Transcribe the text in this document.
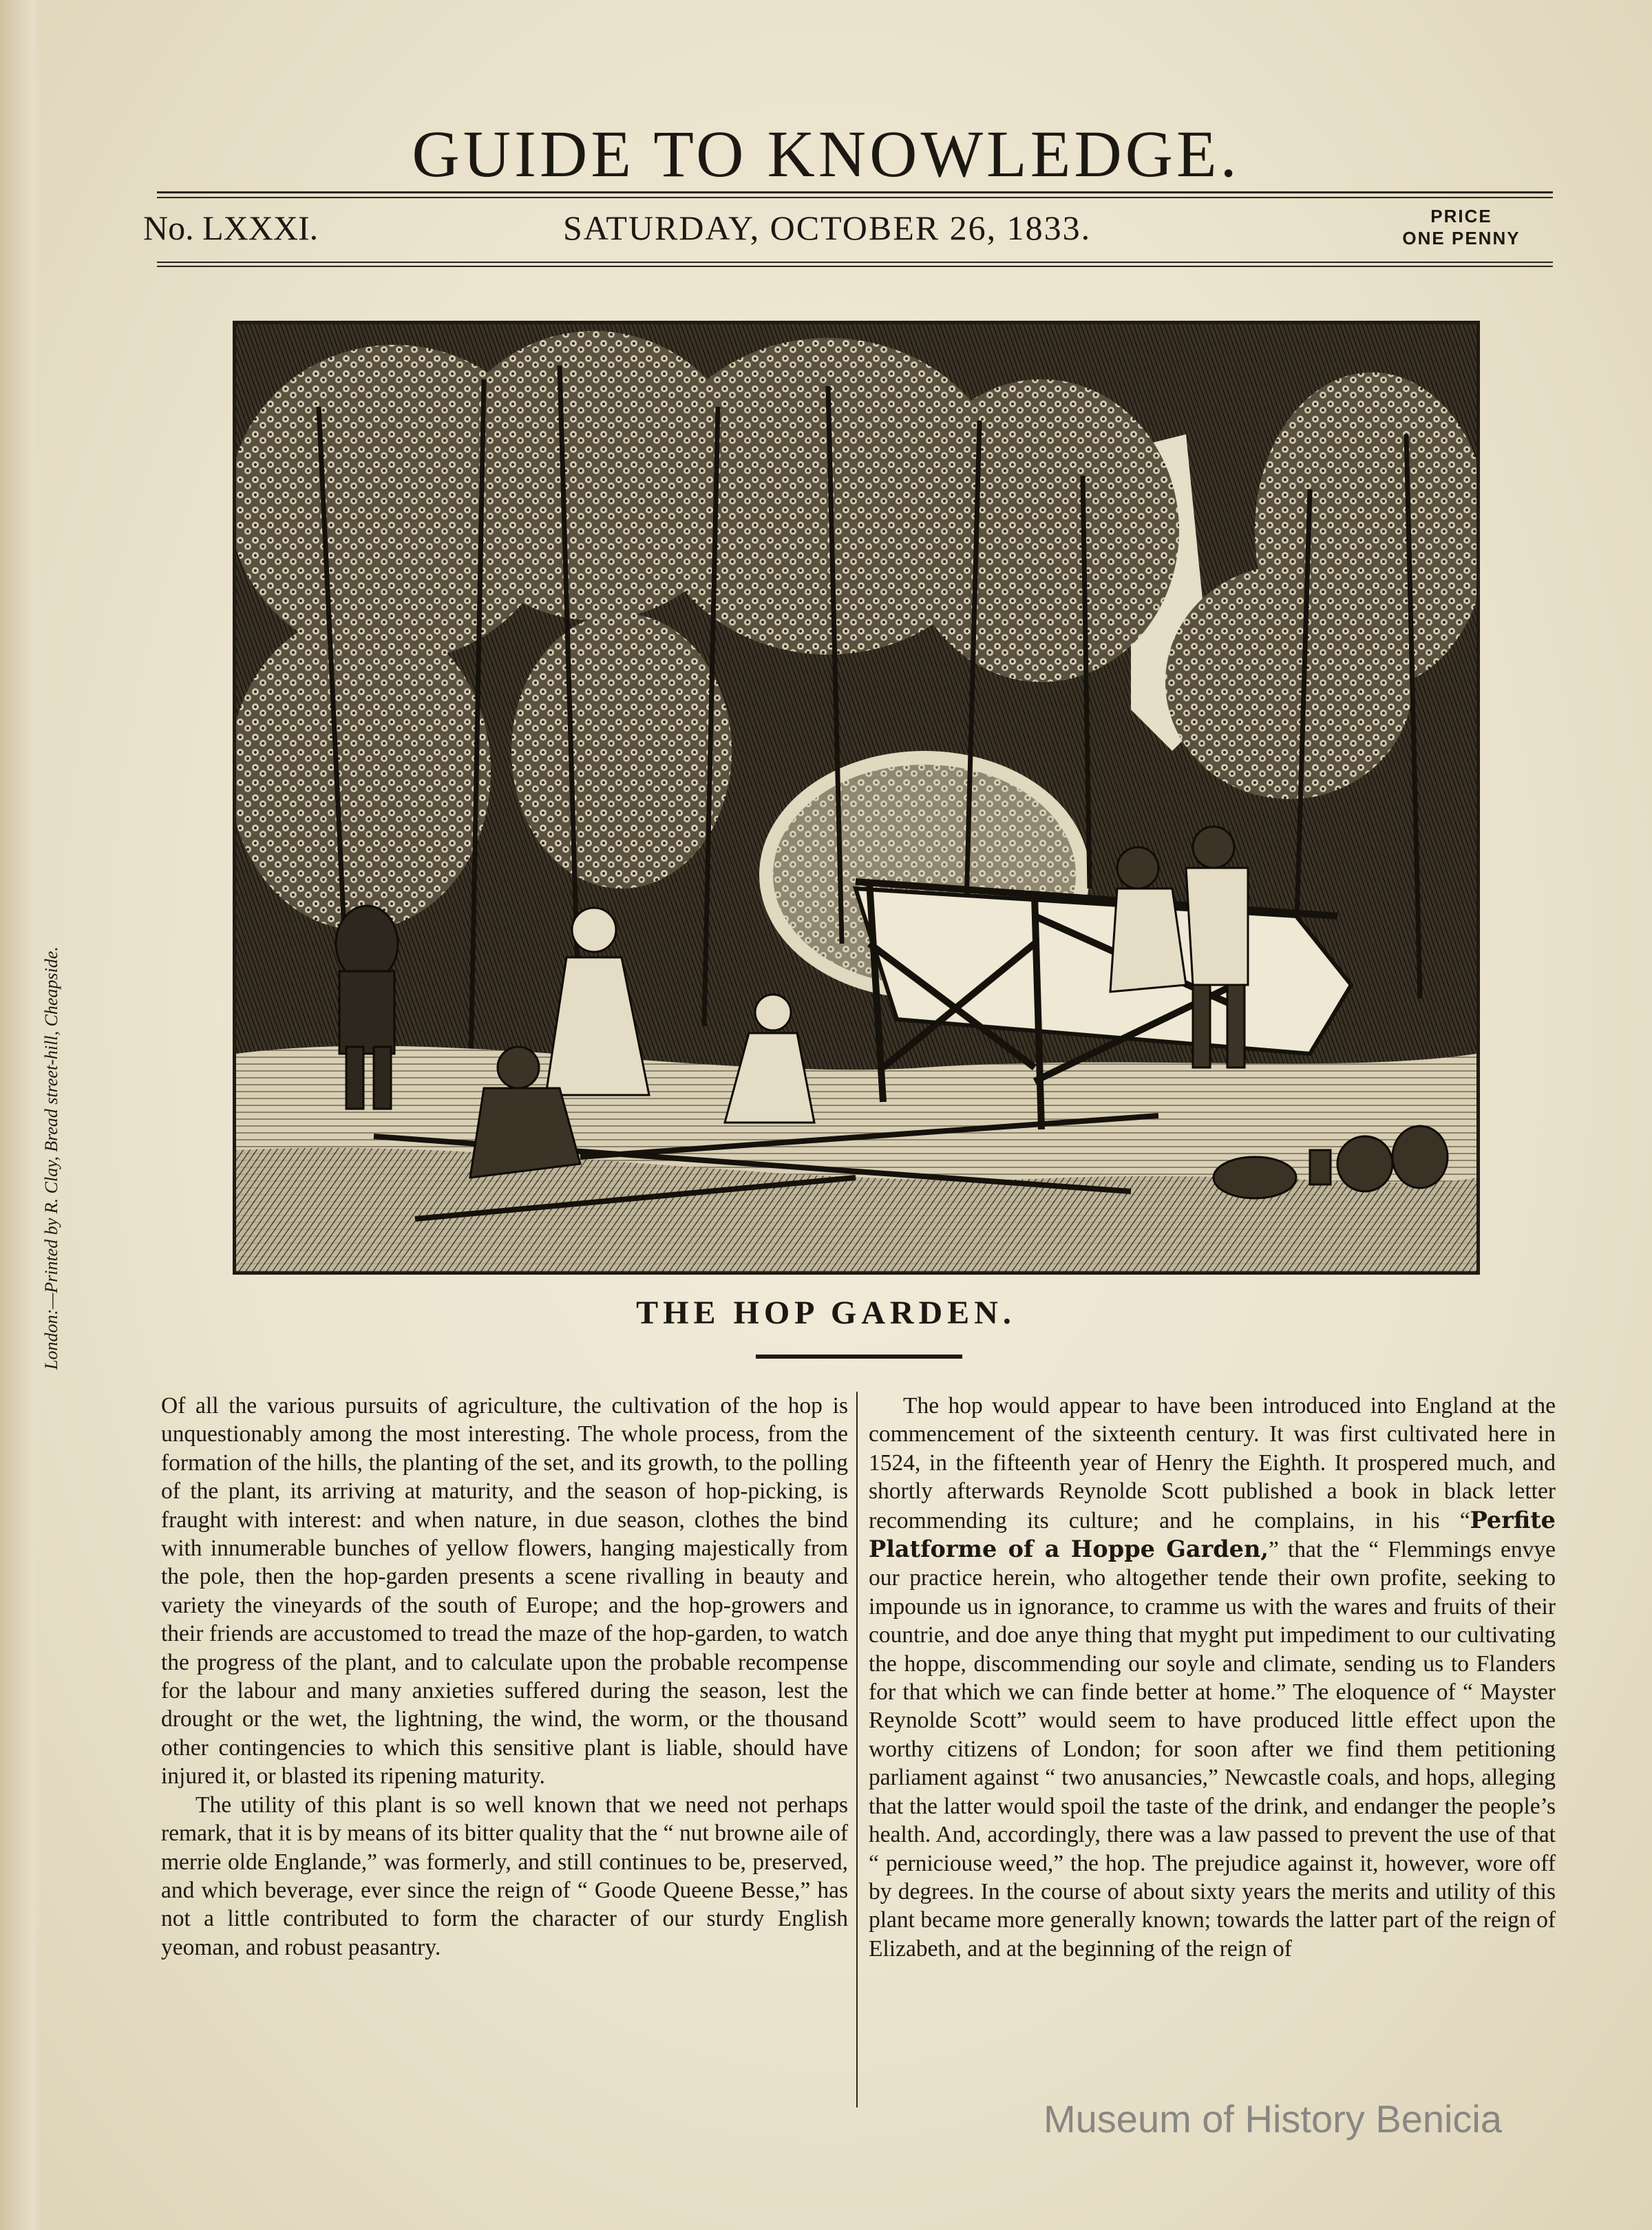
GUIDE TO KNOWLEDGE.
No. LXXXI.	SATURDAY, OCTOBER 26, 1833.	PRICE
ONE PENNY
London:—Printed by R. Clay, Bread street-hill, Cheapside.	THE HOP GARDEN.

Of all the various pursuits of agriculture, the cultivation of the hop is unquestionably among the most interesting. The whole process, from the formation of the hills, the planting of the set, and its growth, to the polling of the plant, its arriving at maturity, and the season of hop-picking, is fraught with interest: and when nature, in due season, clothes the bind with innumerable bunches of yellow flowers, hanging majestically from the pole, then the hop-garden presents a scene rivalling in beauty and variety the vineyards of the south of Europe; and the hop-growers and their friends are accustomed to tread the maze of the hop-garden, to watch the progress of the plant, and to calculate upon the probable recompense for the labour and many anxieties suffered during the season, lest the drought or the wet, the lightning, the wind, the worm, or the thousand other contingencies to which this sensitive plant is liable, should have injured it, or blasted its ripening maturity.

The utility of this plant is so well known that we need not perhaps remark, that it is by means of its bitter quality that the “ nut browne aile of merrie olde Englande,” was formerly, and still continues to be, preserved, and which beverage, ever since the reign of “ Goode Queene Besse,” has not a little contributed to form the character of our sturdy English yeoman, and robust peasantry.

The hop would appear to have been introduced into England at the commencement of the sixteenth century. It was first cultivated here in 1524, in the fifteenth year of Henry the Eighth. It prospered much, and shortly afterwards Reynolde Scott published a book in black letter recommending its culture; and he complains, in his “Perfite Platforme of a Hoppe Garden,” that the “ Flemmings envye our practice herein, who altogether tende their own profite, seeking to impounde us in ignorance, to cramme us with the wares and fruits of their countrie, and doe anye thing that myght put impediment to our cultivating the hoppe, discommending our soyle and climate, sending us to Flanders for that which we can finde better at home.” The eloquence of “ Mayster Reynolde Scott” would seem to have produced little effect upon the worthy citizens of London; for soon after we find them petitioning parliament against “ two anusancies,” Newcastle coals, and hops, alleging that the latter would spoil the taste of the drink, and endanger the people’s health. And, accordingly, there was a law passed to prevent the use of that “ perniciouse weed,” the hop. The prejudice against it, however, wore off by degrees. In the course of about sixty years the merits and utility of this plant became more generally known; towards the latter part of the reign of Elizabeth, and at the beginning of the reign of

Museum of History Benicia
